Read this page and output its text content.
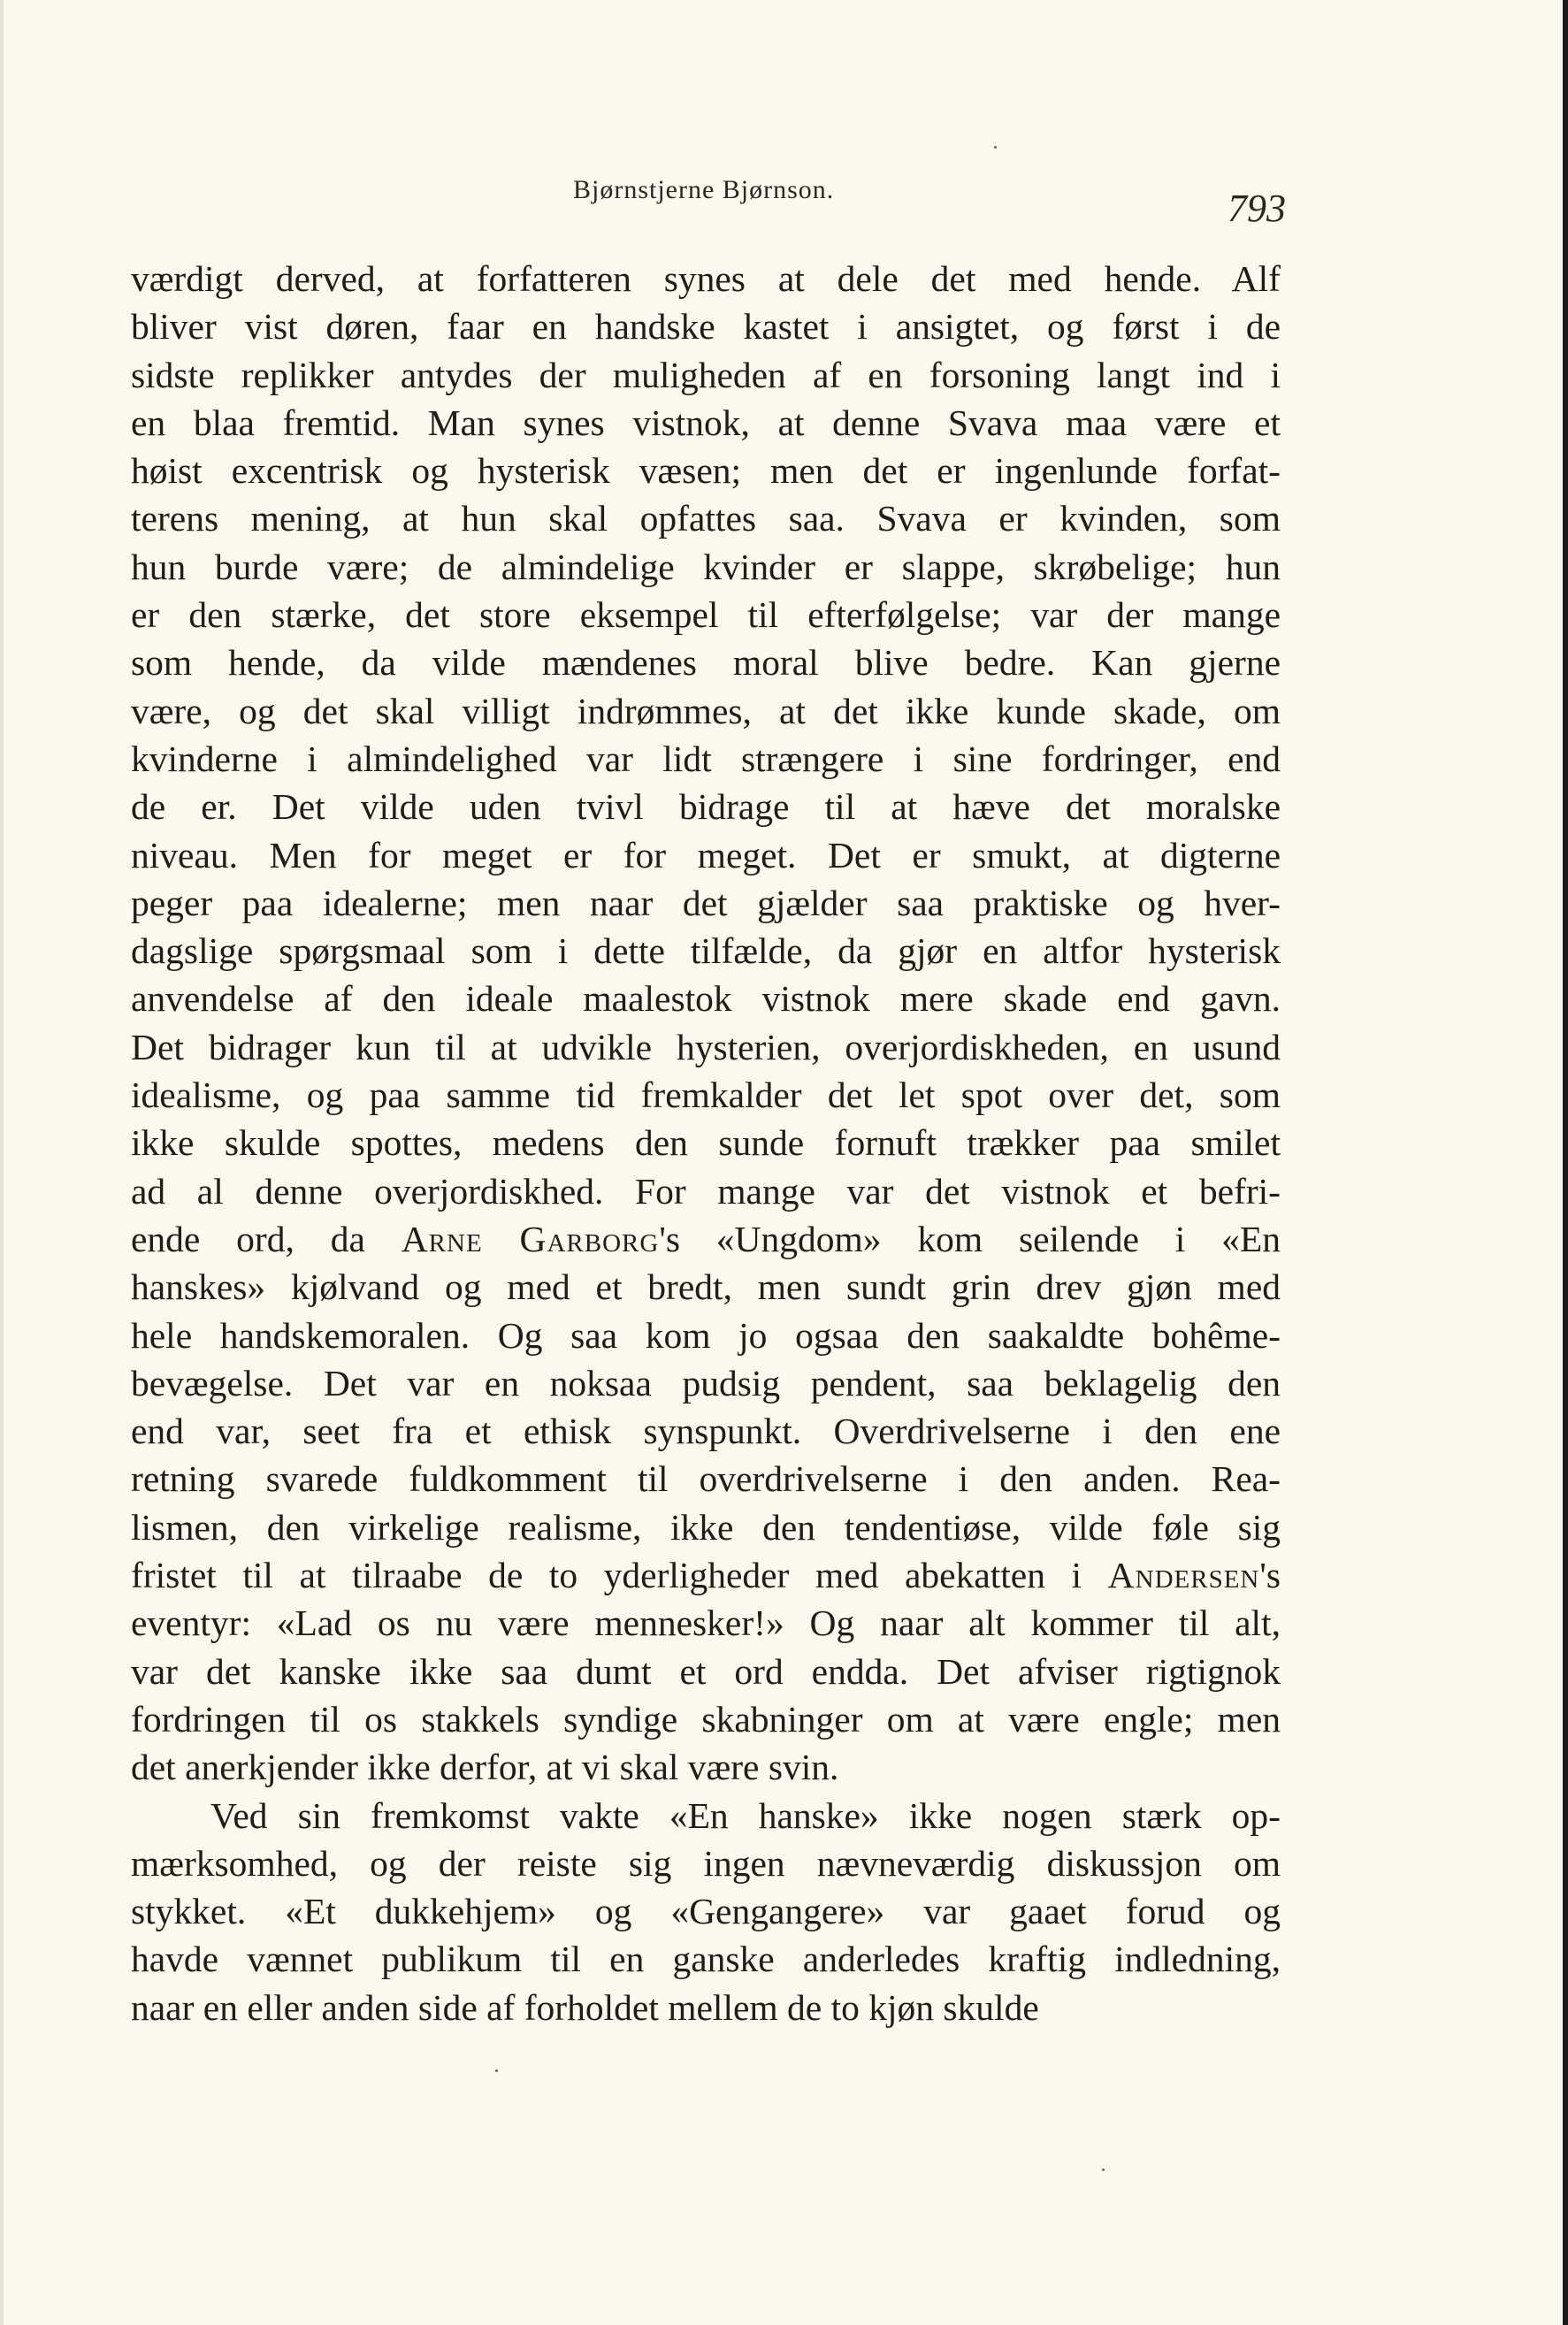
Bjørnstjerne Bjørnson.	793
værdigt derved, at forfatteren synes at dele det med hende. Alf
bliver vist døren, faar en handske kastet i ansigtet, og først i de
sidste replikker antydes der muligheden af en forsoning langt ind i
en blaa fremtid. Man synes vistnok, at denne Svava maa være et
høist excentrisk og hysterisk væsen; men det er ingenlunde forfat-
terens mening, at hun skal opfattes saa. Svava er kvinden, som
hun burde være; de almindelige kvinder er slappe, skrøbelige; hun
er den stærke, det store eksempel til efterfølgelse; var der mange
som hende, da vilde mændenes moral blive bedre. Kan gjerne
være, og det skal villigt indrømmes, at det ikke kunde skade, om
kvinderne i almindelighed var lidt strængere i sine fordringer, end
de er. Det vilde uden tvivl bidrage til at hæve det moralske
niveau. Men for meget er for meget. Det er smukt, at digterne
peger paa idealerne; men naar det gjælder saa praktiske og hver-
dagslige spørgsmaal som i dette tilfælde, da gjør en altfor hysterisk
anvendelse af den ideale maalestok vistnok mere skade end gavn.
Det bidrager kun til at udvikle hysterien, overjordiskheden, en usund
idealisme, og paa samme tid fremkalder det let spot over det, som
ikke skulde spottes, medens den sunde fornuft trækker paa smilet
ad al denne overjordiskhed. For mange var det vistnok et befri-
ende ord, da Arne Garborg's «Ungdom» kom seilende i «En
hanskes» kjølvand og med et bredt, men sundt grin drev gjøn med
hele handskemoralen. Og saa kom jo ogsaa den saakaldte bohême-
bevægelse. Det var en noksaa pudsig pendent, saa beklagelig den
end var, seet fra et ethisk synspunkt. Overdrivelserne i den ene
retning svarede fuldkomment til overdrivelserne i den anden. Rea-
lismen, den virkelige realisme, ikke den tendentiøse, vilde føle sig
fristet til at tilraabe de to yderligheder med abekatten i Andersen's
eventyr: «Lad os nu være mennesker!» Og naar alt kommer til alt,
var det kanske ikke saa dumt et ord endda. Det afviser rigtignok
fordringen til os stakkels syndige skabninger om at være engle; men
det anerkjender ikke derfor, at vi skal være svin.
Ved sin fremkomst vakte «En hanske» ikke nogen stærk op-
mærksomhed, og der reiste sig ingen nævneværdig diskussjon om
stykket. «Et dukkehjem» og «Gengangere» var gaaet forud og
havde vænnet publikum til en ganske anderledes kraftig indledning,
naar en eller anden side af forholdet mellem de to kjøn skulde
